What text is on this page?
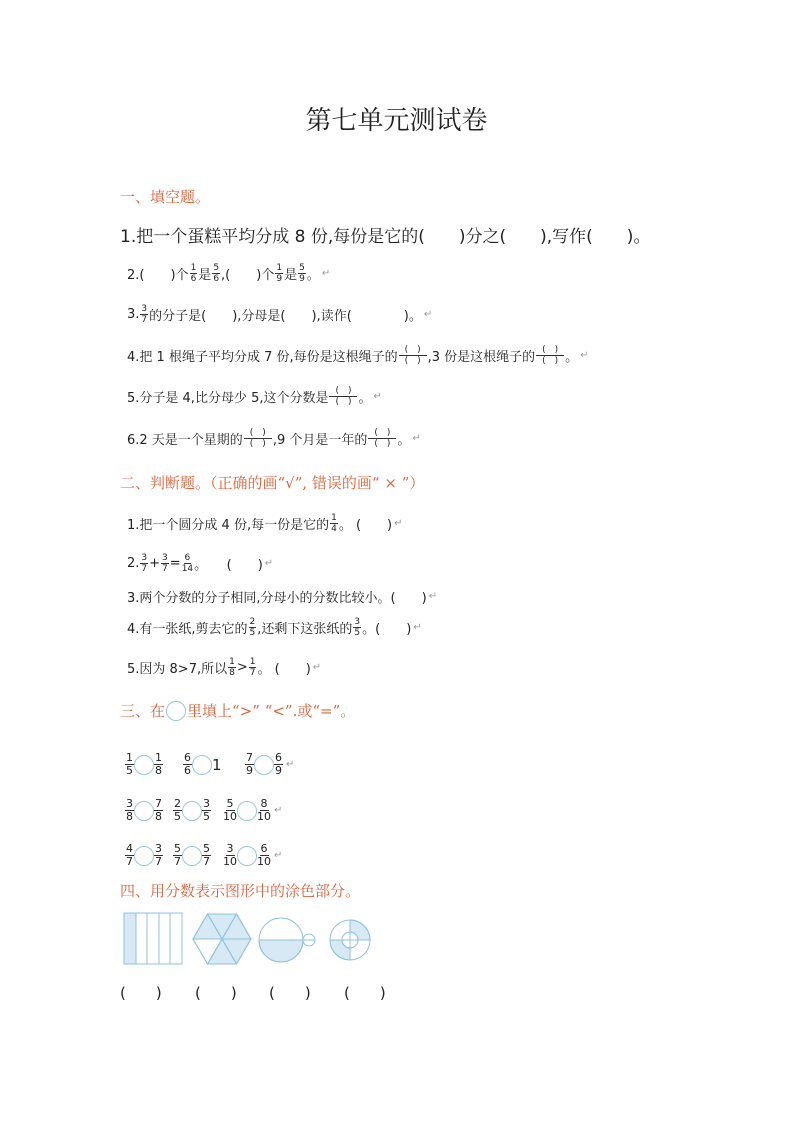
第七单元测试卷
一、填空题。
1.把一个蛋糕平均分成 8 份,每份是它的(　　)分之(　　),写作(　　)。
2.(　　)个 $\frac{1}{6}$ 是 $\frac{5}{6}$ ,(　　)个 $\frac{1}{9}$ 是 $\frac{5}{9}$ 。 ↵
3. $\frac{3}{7}$ 的分子是(　　),分母是(　　),读作(　　　　)。 ↵
4.把 1 根绳子平均分成 7 份,每份是这根绳子的 (　)
(　) ,3 份是这根绳子的 (　)
(　) 。 ↵
5.分子是 4,比分母少 5,这个分数是 (　)
(　) 。 ↵
6.2 天是一个星期的 (　)
(　) ,9 个月是一年的 (　)
(　) 。 ↵
二、判断题。（正确的画“√”, 错误的画“ × ”）
1.把一个圆分成 4 份,每一份是它的 $\frac{1}{4}$ 。 (　　) ↵
2. $\frac{3}{7} + \frac{3}{7} = \frac{6}{14}$ 。　　(　　) ↵
3.两个分数的分子相同,分母小的分数比较小。(　　) ↵
4.有一张纸,剪去它的 $\frac{2}{5}$ ,还剩下这张纸的 $\frac{3}{5}$ 。(　　) ↵
5.因为 8>7,所以 $\frac{1}{8} > \frac{1}{7}$ 。 (　　) ↵
三、在 里填上“>” “<”.或“=”。
$\frac{1}{5} \frac{1}{8} \frac{6}{6} 1 \frac{7}{9} \frac{6}{9}$ ↵
$\frac{3}{8} \frac{7}{8} \frac{2}{5} \frac{3}{5} \frac{5}{10} \frac{8}{10}$ ↵
$\frac{4}{7} \frac{3}{7} \frac{5}{7} \frac{5}{7} \frac{3}{10} \frac{6}{10}$ ↵
四、用分数表示图形中的涂色部分。
(　　) (　　) (　　) (　　)
